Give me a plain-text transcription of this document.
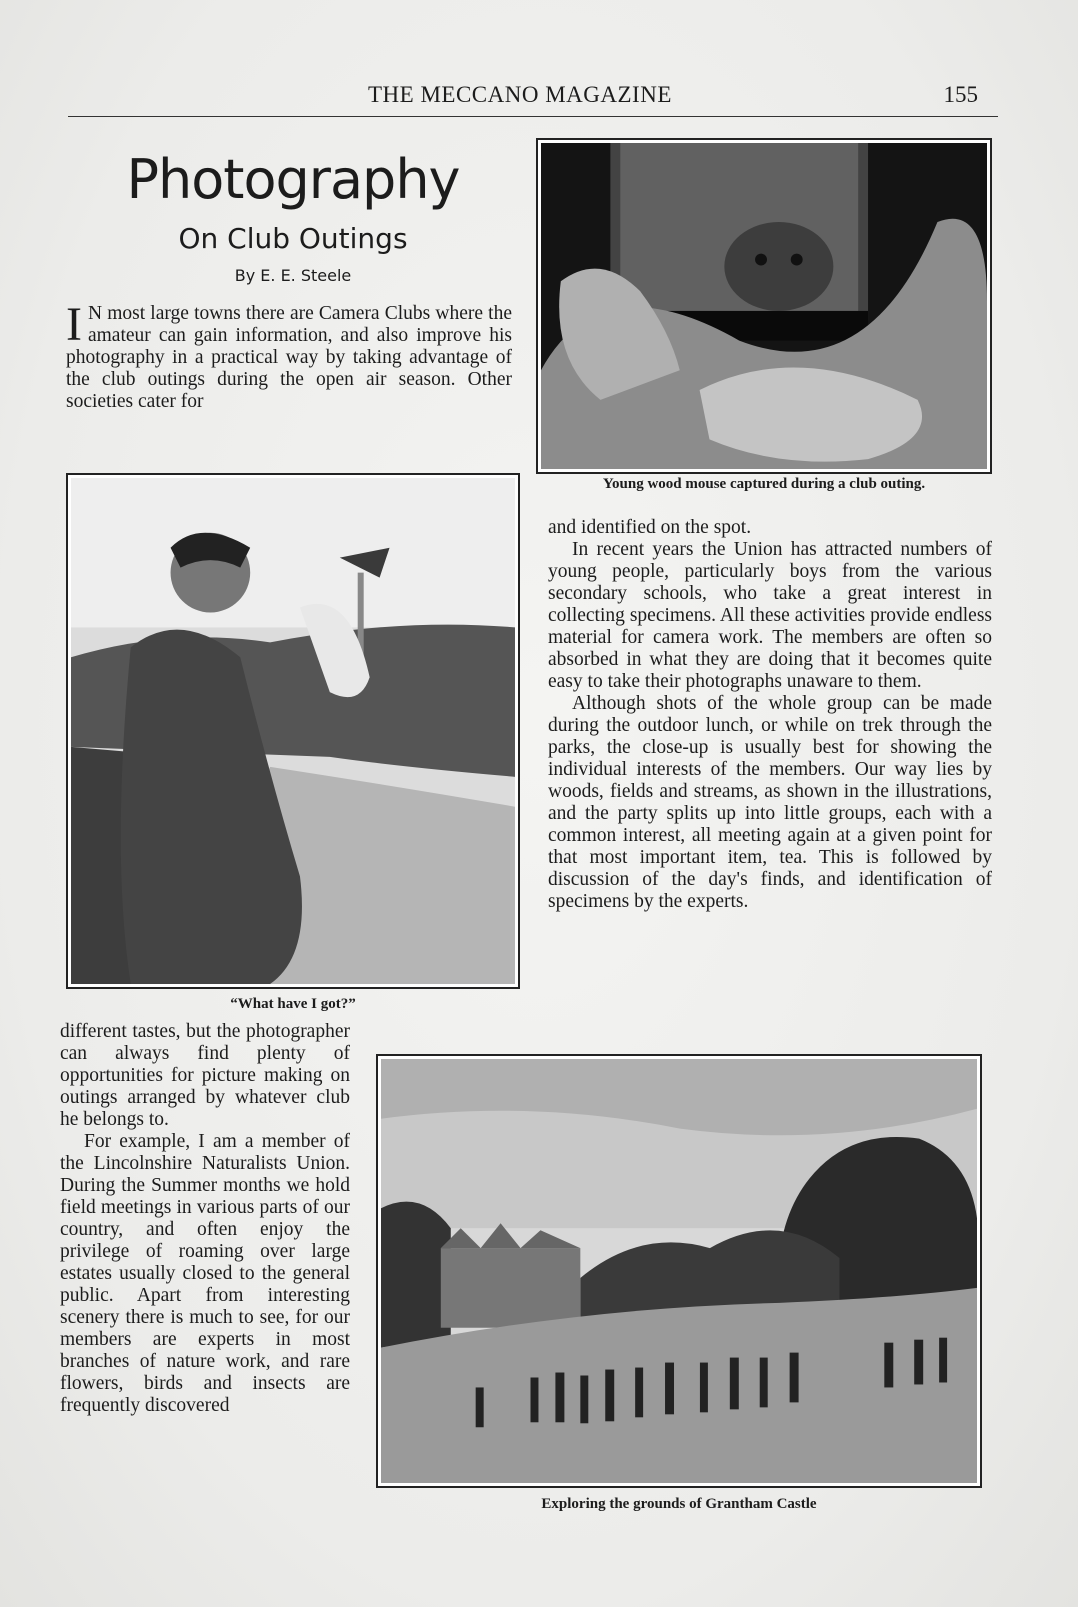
THE MECCANO MAGAZINE	155
Photography
On Club Outings
By E. E. Steele

I N most large towns there are Camera Clubs where the amateur can gain information, and also improve his photography in a practical way by taking advantage of the club outings during the open air season. Other societies cater for

Young wood mouse captured during a club outing.
“What have I got?”

different tastes, but the photographer can always find plenty of opportunities for picture making on outings arranged by whatever club he belongs to.

For example, I am a member of the Lincolnshire Naturalists Union. During the Summer months we hold field meetings in various parts of our country, and often enjoy the privilege of roaming over large estates usually closed to the general public. Apart from interesting scenery there is much to see, for our members are experts in most branches of nature work, and rare flowers, birds and insects are frequently discovered

and identified on the spot.

In recent years the Union has attracted numbers of young people, particularly boys from the various secondary schools, who take a great interest in collecting specimens. All these activities provide endless material for camera work. The members are often so absorbed in what they are doing that it becomes quite easy to take their photographs unaware to them.

Although shots of the whole group can be made during the outdoor lunch, or while on trek through the parks, the close-up is usually best for showing the individual interests of the members. Our way lies by woods, fields and streams, as shown in the illustrations, and the party splits up into little groups, each with a common interest, all meeting again at a given point for that most important item, tea. This is followed by discussion of the day's finds, and identification of specimens by the experts.

Exploring the grounds of Grantham Castle
